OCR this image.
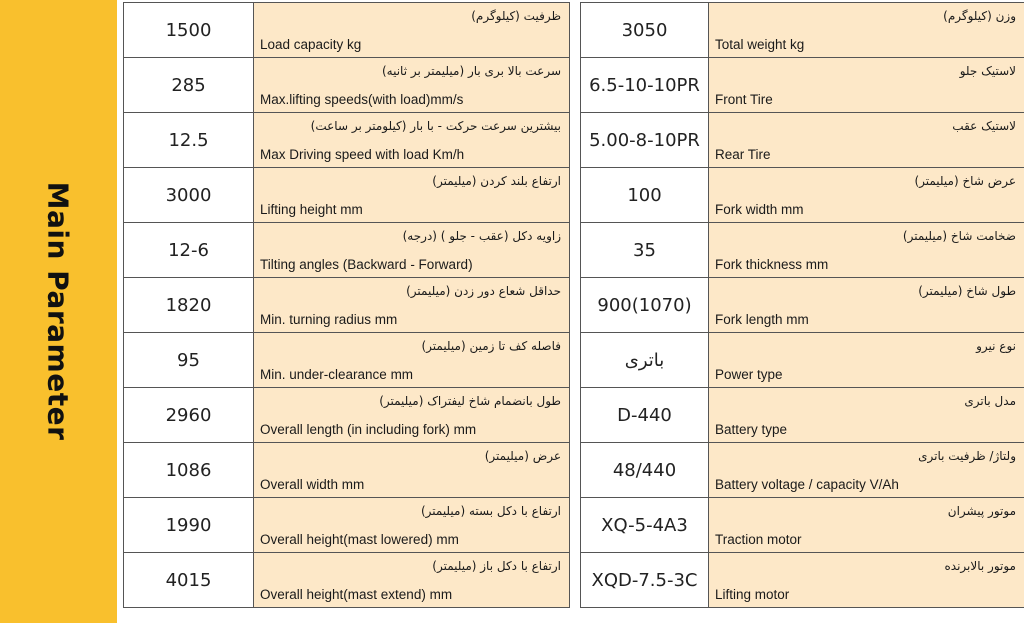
Main Parameter
1500	ظرفیت (کیلوگرم)
Load capacity kg

285	سرعت بالا بری بار (میلیمتر بر ثانیه)
Max.lifting speeds(with load)mm/s

12.5	بیشترین سرعت حرکت - با بار (کیلومتر بر ساعت)
Max Driving speed with load Km/h

3000	ارتفاع بلند کردن (میلیمتر)
Lifting height mm

12-6	زاویه دکل (عقب - جلو ) (درجه)
Tilting angles (Backward - Forward)

1820	حداقل شعاع دور زدن (میلیمتر)
Min. turning radius mm

95	فاصله کف تا زمین (میلیمتر)
Min. under-clearance mm

2960	طول بانضمام شاخ لیفتراک (میلیمتر)
Overall length (in including fork) mm

1086	عرض (میلیمتر)
Overall width mm

1990	ارتفاع با دکل بسته (میلیمتر)
Overall height(mast lowered) mm

4015	ارتفاع با دکل باز (میلیمتر)
Overall height(mast extend) mm
3050	وزن (کیلوگرم)
Total weight kg

6.5-10-10PR	لاستیک جلو
Front Tire

5.00-8-10PR	لاستیک عقب
Rear Tire

100	عرض شاخ (میلیمتر)
Fork width mm

35	ضخامت شاخ (میلیمتر)
Fork thickness mm

900(1070)	طول شاخ (میلیمتر)
Fork length mm

باتری	نوع نیرو
Power type

D-440	مدل باتری
Battery type

48/440	ولتاژ/ ظرفیت باتری
Battery voltage / capacity V/Ah

XQ-5-4A3	موتور پیشران
Traction motor

XQD-7.5-3C	موتور بالابرنده
Lifting motor
